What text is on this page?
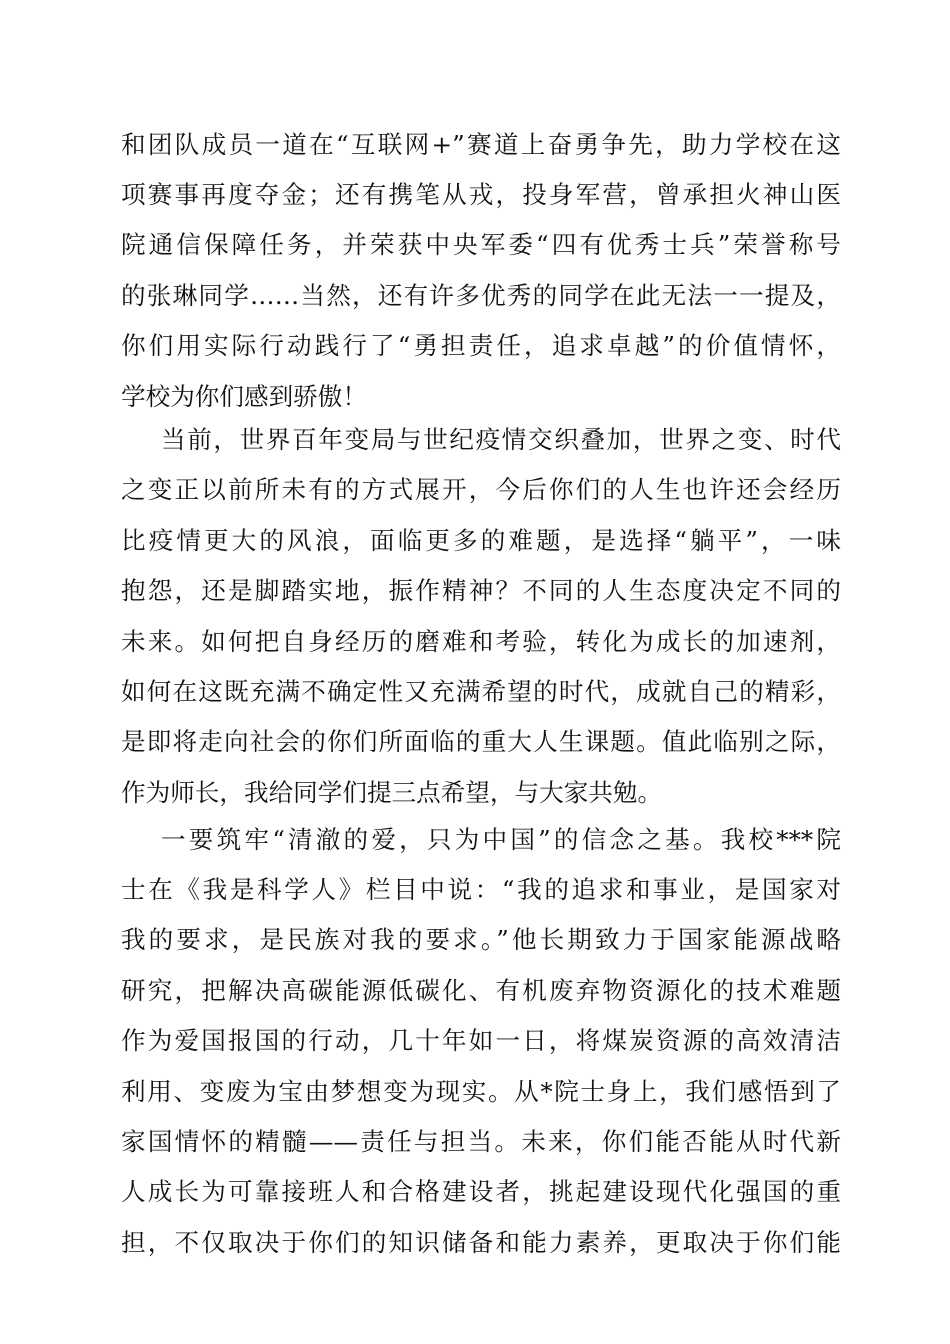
和团队成员一道在“互联网+”赛道上奋勇争先，助力学校在这

项赛事再度夺金；还有携笔从戎，投身军营，曾承担火神山医

院通信保障任务，并荣获中央军委“四有优秀士兵”荣誉称号

的张琳同学……当然，还有许多优秀的同学在此无法一一提及，

你们用实际行动践行了“勇担责任，追求卓越”的价值情怀，

学校为你们感到骄傲！

当前，世界百年变局与世纪疫情交织叠加，世界之变、时代

之变正以前所未有的方式展开，今后你们的人生也许还会经历

比疫情更大的风浪，面临更多的难题，是选择“躺平”，一味

抱怨，还是脚踏实地，振作精神？不同的人生态度决定不同的

未来。如何把自身经历的磨难和考验，转化为成长的加速剂，

如何在这既充满不确定性又充满希望的时代，成就自己的精彩，

是即将走向社会的你们所面临的重大人生课题。值此临别之际，

作为师长，我给同学们提三点希望，与大家共勉。

一要筑牢“清澈的爱，只为中国”的信念之基。我校***院

士在《我是科学人》栏目中说：“我的追求和事业，是国家对

我的要求，是民族对我的要求。”他长期致力于国家能源战略

研究，把解决高碳能源低碳化、有机废弃物资源化的技术难题

作为爱国报国的行动，几十年如一日，将煤炭资源的高效清洁

利用、变废为宝由梦想变为现实。从*院士身上，我们感悟到了

家国情怀的精髓——责任与担当。未来，你们能否能从时代新

人成长为可靠接班人和合格建设者，挑起建设现代化强国的重

担，不仅取决于你们的知识储备和能力素养，更取决于你们能
